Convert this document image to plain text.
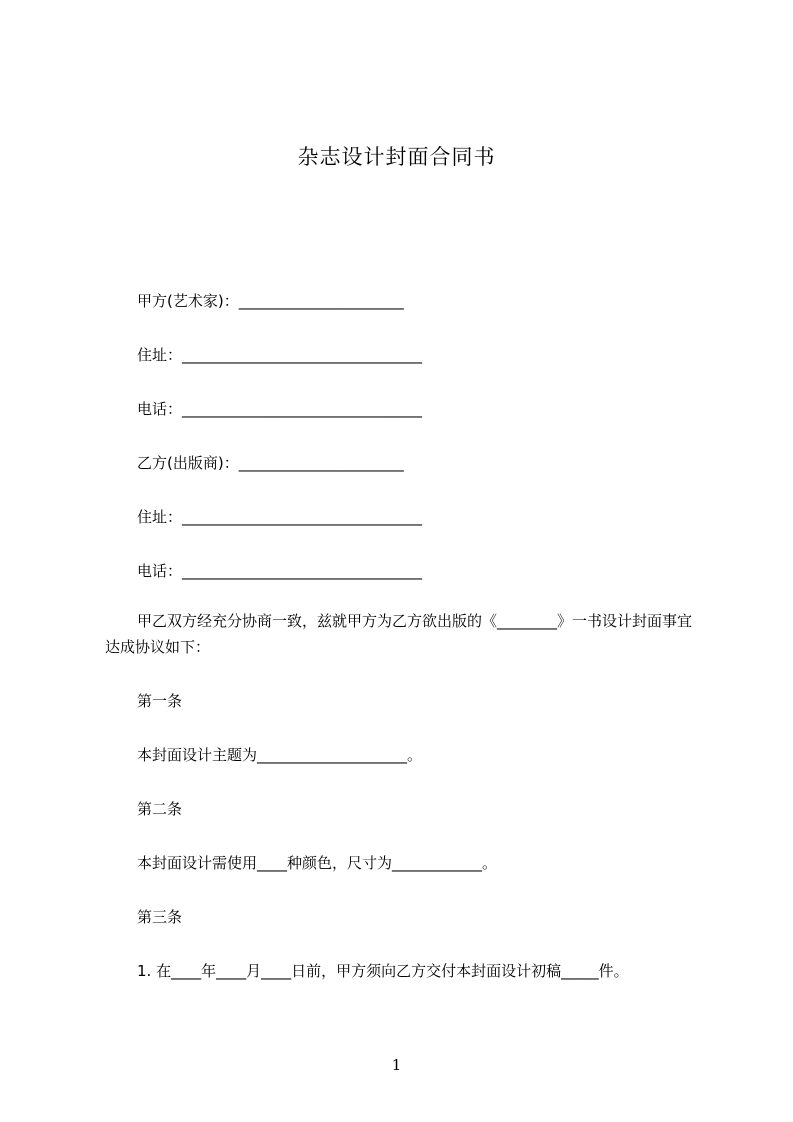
杂志设计封面合同书
甲方(艺术家)：______________________
住址：________________________________
电话：________________________________
乙方(出版商)：______________________
住址：________________________________
电话：________________________________
甲乙双方经充分协商一致，兹就甲方为乙方欲出版的《________》一书设计封面事宜达成协议如下：
第一条
本封面设计主题为____________________。
第二条
本封面设计需使用____种颜色，尺寸为____________。
第三条
1. 在____年____月____日前，甲方须向乙方交付本封面设计初稿_____件。
1
